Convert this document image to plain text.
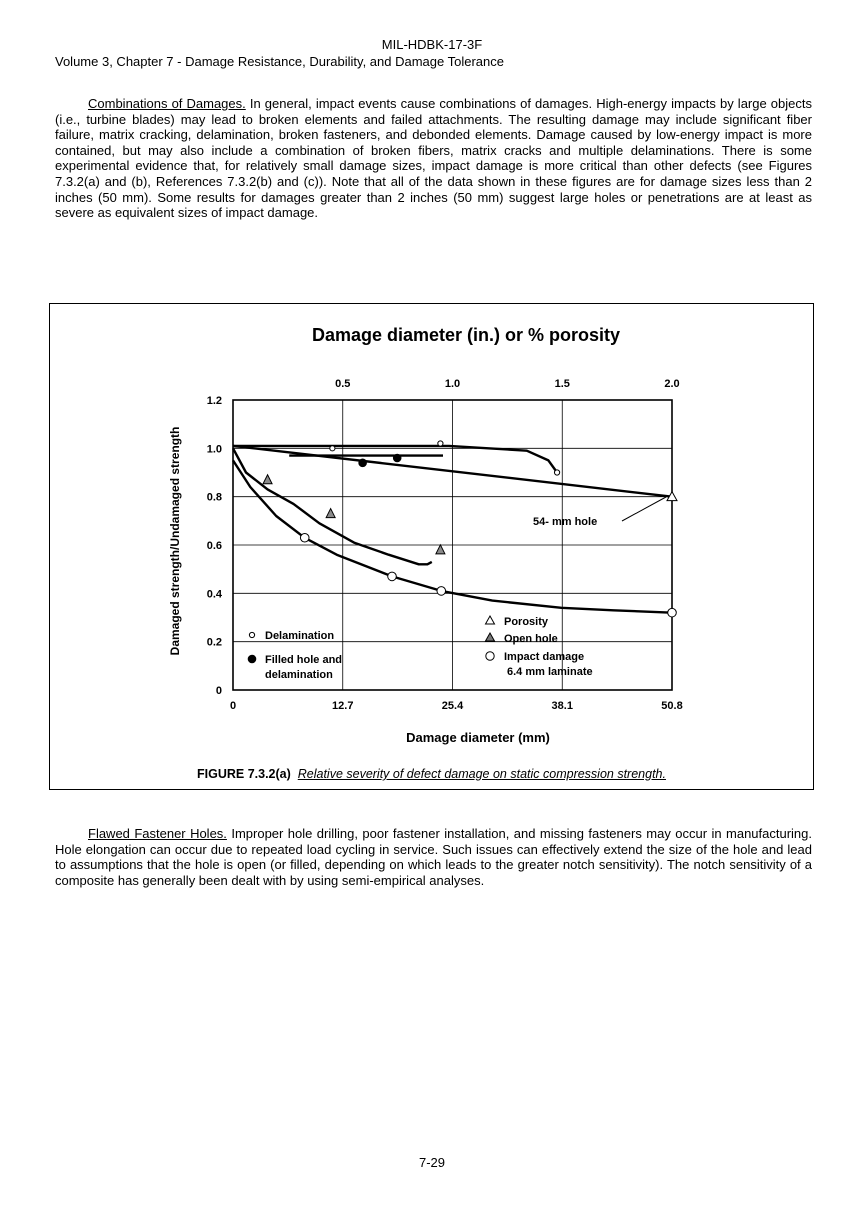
MIL-HDBK-17-3F
Volume 3, Chapter 7 - Damage Resistance, Durability, and Damage Tolerance
Combinations of Damages. In general, impact events cause combinations of damages. High-energy impacts by large objects (i.e., turbine blades) may lead to broken elements and failed attachments. The resulting damage may include significant fiber failure, matrix cracking, delamination, broken fasteners, and debonded elements. Damage caused by low-energy impact is more contained, but may also include a combination of broken fibers, matrix cracks and multiple delaminations. There is some experimental evidence that, for relatively small damage sizes, impact damage is more critical than other defects (see Figures 7.3.2(a) and (b), References 7.3.2(b) and (c)). Note that all of the data shown in these figures are for damage sizes less than 2 inches (50 mm). Some results for damages greater than 2 inches (50 mm) suggest large holes or penetrations are at least as severe as equivalent sizes of impact damage.
Damage diameter (in.) or % porosity
0
0.2
0.4
0.6
0.8
1.0
1.2
0	12.7	25.4	38.1	50.8
0.5	1.0	1.5	2.0
Damage diameter (mm)
Damaged strength/Undamaged strength	Delamination
Filled hole and
delamination
Porosity
Open hole
Impact damage
6.4 mm laminate
54- mm hole
FIGURE 7.3.2(a) Relative severity of defect damage on static compression strength.
Flawed Fastener Holes. Improper hole drilling, poor fastener installation, and missing fasteners may occur in manufacturing. Hole elongation can occur due to repeated load cycling in service. Such issues can effectively extend the size of the hole and lead to assumptions that the hole is open (or filled, depending on which leads to the greater notch sensitivity). The notch sensitivity of a composite has generally been dealt with by using semi-empirical analyses.
7-29
